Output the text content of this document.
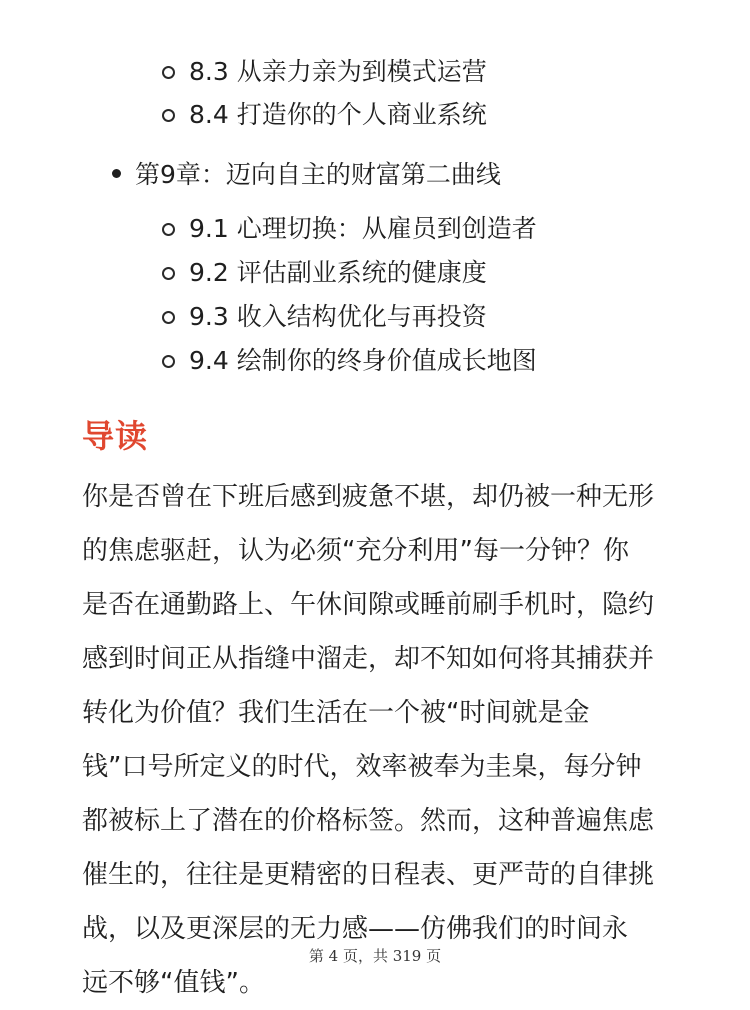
8.3 从亲力亲为到模式运营
8.4 打造你的个人商业系统
第9章：迈向自主的财富第二曲线
9.1 心理切换：从雇员到创造者
9.2 评估副业系统的健康度
9.3 收入结构优化与再投资
9.4 绘制你的终身价值成长地图
导读

你是否曾在下班后感到疲惫不堪，却仍被一种无形
的焦虑驱赶，认为必须“充分利用”每一分钟？你
是否在通勤路上、午休间隙或睡前刷手机时，隐约
感到时间正从指缝中溜走，却不知如何将其捕获并
转化为价值？我们生活在一个被“时间就是金
钱”口号所定义的时代，效率被奉为圭臬，每分钟
都被标上了潜在的价格标签。然而，这种普遍焦虑
催生的，往往是更精密的日程表、更严苛的自律挑
战，以及更深层的无力感——仿佛我们的时间永
远不够“值钱”。

第 4 页，共 319 页
